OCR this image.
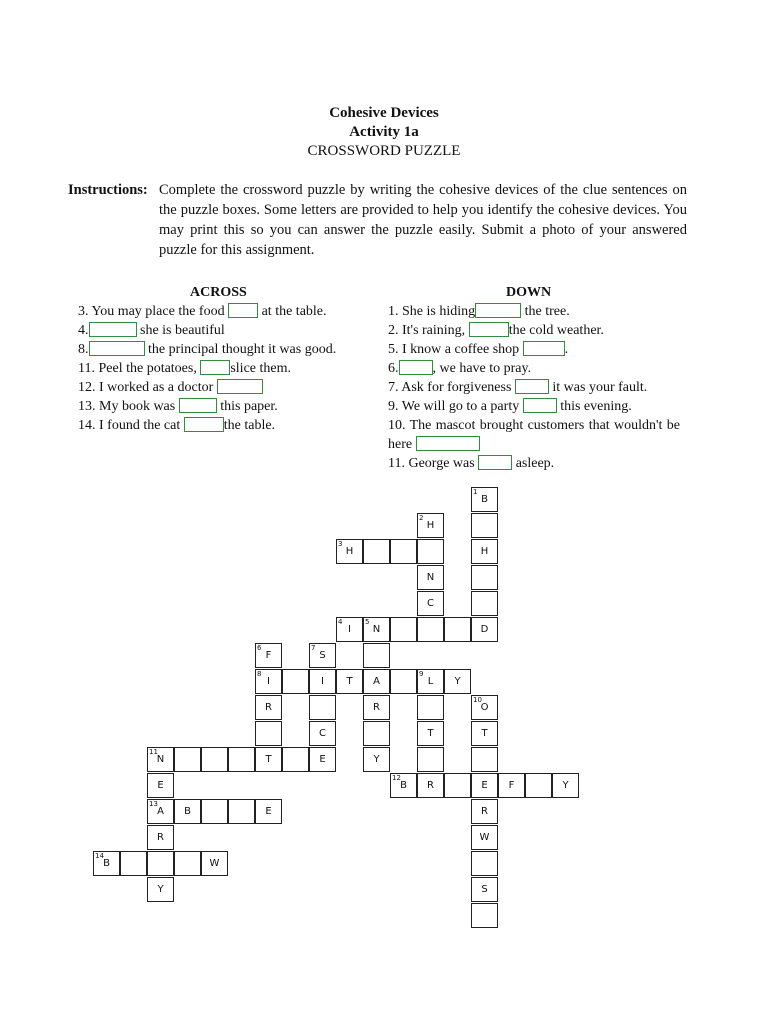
Cohesive Devices
Activity 1a
CROSSWORD PUZZLE
Instructions: Complete the crossword puzzle by writing the cohesive devices of the clue sentences on the puzzle boxes. Some letters are provided to help you identify the cohesive devices. You may print this so you can answer the puzzle easily. Submit a photo of your answered puzzle for this assignment.
ACROSS	DOWN
3. You may place the food	at the table.
4.	she is beautiful
8.	the principal thought it was good.
11. Peel the potatoes, slice them.
12. I worked as a doctor
13. My book was	this paper.
14. I found the cat	the table.
1. She is hiding	the tree.
2. It's raining,	the cold weather.
5. I know a coffee shop	.
6. , we have to pray.
7. Ask for forgiveness	it was your fault.
9. We will go to a party	this evening.
10. The mascot brought customers that wouldn't be here
11. George was	asleep.
1
B
H
D
2
H
N
C
3
H
4
I
5
N
A
R
Y
6
F
7
S
8
I	I	T
9
L	Y
R
T
C
E
T
10
O
T
11
N
E
12
B	R	E	F	Y
13
A	B	E	R
R	W
14
B	W
Y	S
